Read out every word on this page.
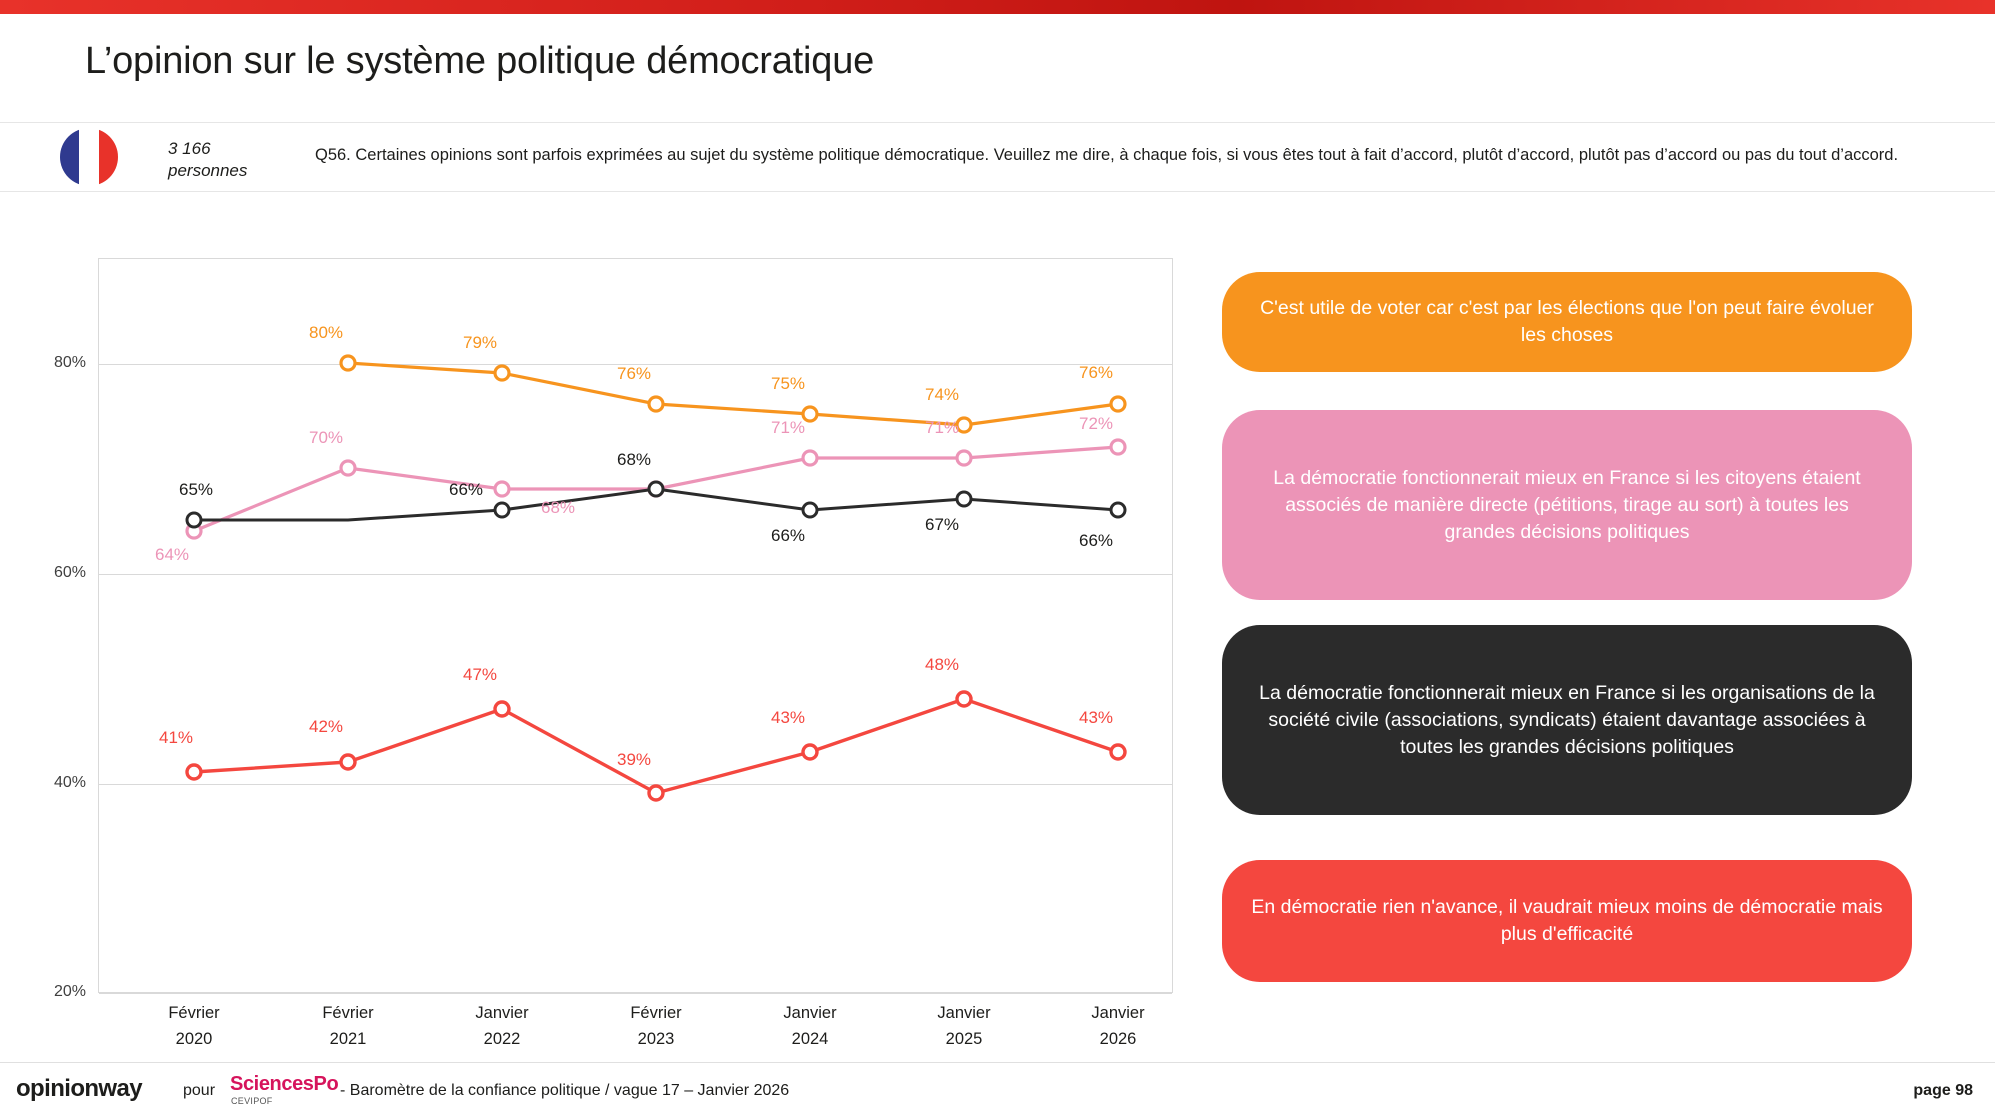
L’opinion sur le système politique démocratique
3 166 personnes
Q56. Certaines opinions sont parfois exprimées au sujet du système politique démocratique. Veuillez me dire, à chaque fois, si vous êtes tout à fait d’accord, plutôt d’accord, plutôt pas d’accord ou pas du tout d’accord.
80%
60%
40%
20%
80%
79%
76%
75%
74%
76%
64%
70%
68%
71%	71%	72%
65%	66%
68%
66%
67%
66%
41%
42%
47%
39%
43%
48%
43%
Février
2020
Février
2021
Janvier
2022
Février
2023
Janvier
2024
Janvier
2025
Janvier
2026
C'est utile de voter car c'est par les élections que l'on peut faire évoluer les choses
La démocratie fonctionnerait mieux en France si les citoyens étaient associés de manière directe (pétitions, tirage au sort) à toutes les grandes décisions politiques
La démocratie fonctionnerait mieux en France si les organisations de la société civile (associations, syndicats) étaient davantage associées à toutes les grandes décisions politiques
En démocratie rien n'avance, il vaudrait mieux moins de démocratie mais plus d'efficacité
opinionway	pour SciencesPo
CEVIPOF
- Baromètre de la confiance politique / vague 17 – Janvier 2026	page 98
